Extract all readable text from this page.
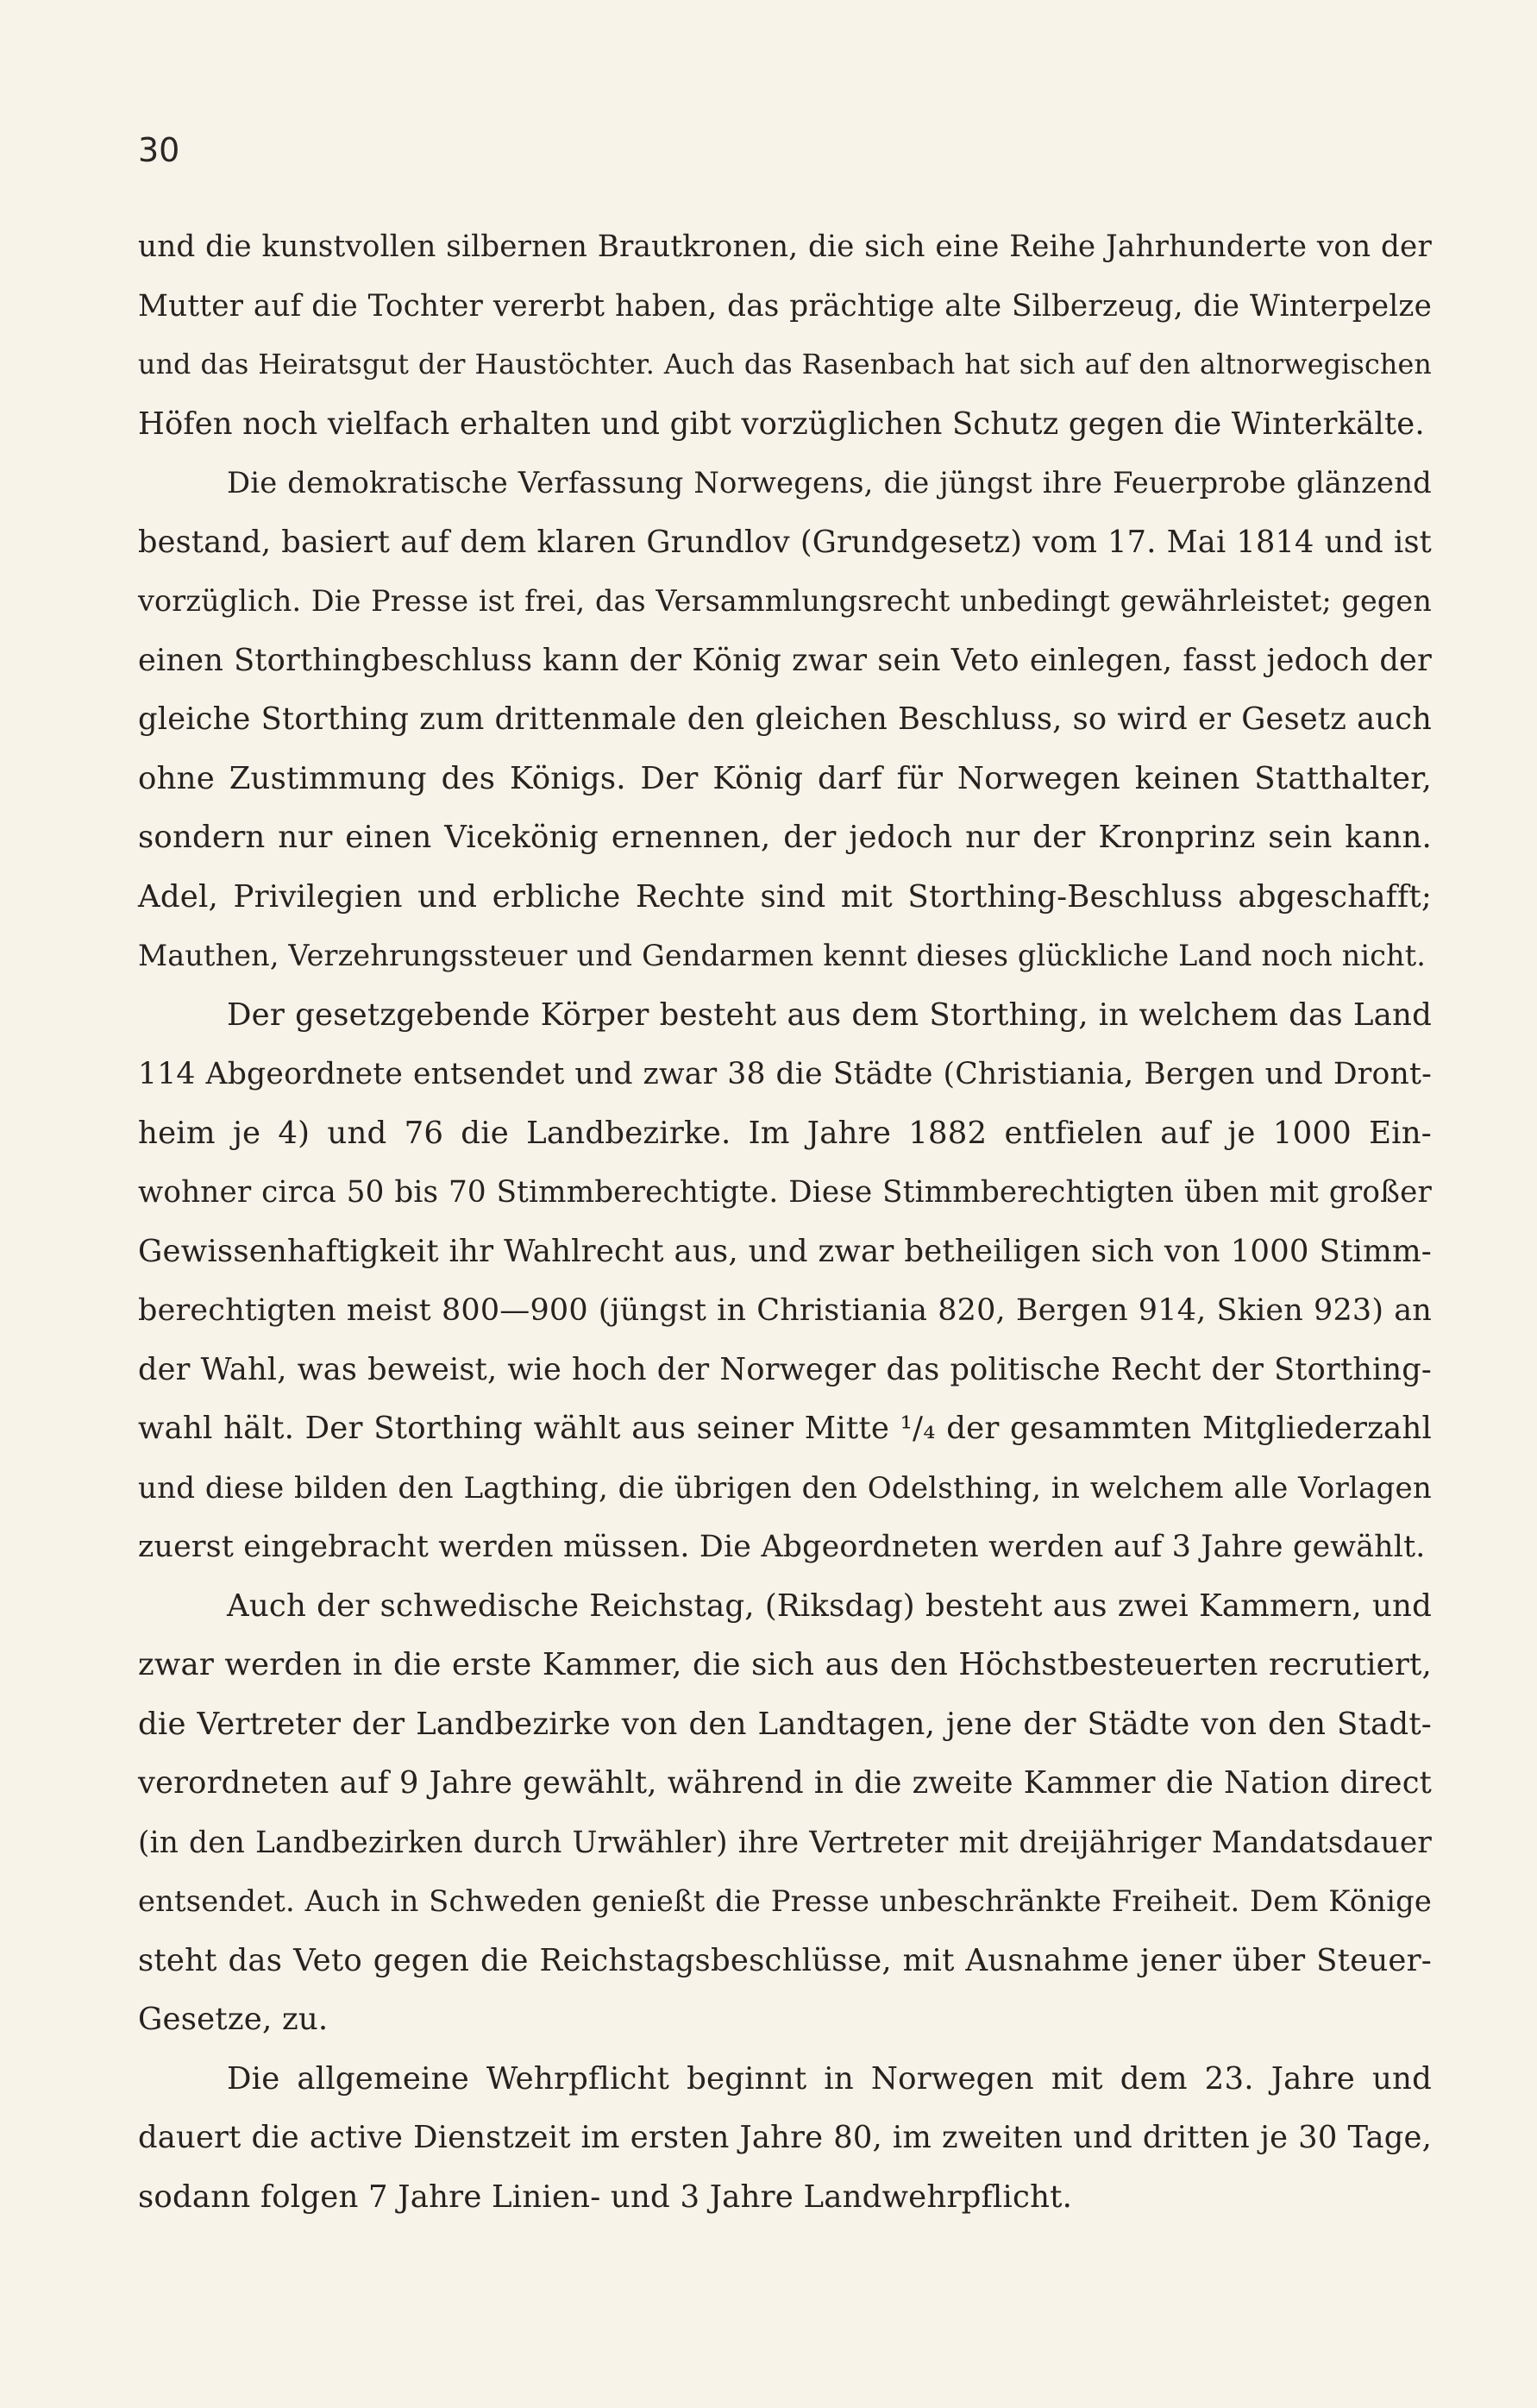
30
und die kunstvollen silbernen Brautkronen, die sich eine Reihe Jahrhunderte von der
Mutter auf die Tochter vererbt haben, das prächtige alte Silberzeug, die Winterpelze
und das Heiratsgut der Haustöchter. Auch das Rasenbach hat sich auf den altnorwegischen
Höfen noch vielfach erhalten und gibt vorzüglichen Schutz gegen die Winterkälte.
Die demokratische Verfassung Norwegens, die jüngst ihre Feuerprobe glänzend
bestand, basiert auf dem klaren Grundlov (Grundgesetz) vom 17. Mai 1814 und ist
vorzüglich. Die Presse ist frei, das Versammlungsrecht unbedingt gewährleistet; gegen
einen Storthingbeschluss kann der König zwar sein Veto einlegen, fasst jedoch der
gleiche Storthing zum drittenmale den gleichen Beschluss, so wird er Gesetz auch
ohne Zustimmung des Königs. Der König darf für Norwegen keinen Statthalter,
sondern nur einen Vicekönig ernennen, der jedoch nur der Kronprinz sein kann.
Adel, Privilegien und erbliche Rechte sind mit Storthing-Beschluss abgeschafft;
Mauthen, Verzehrungssteuer und Gendarmen kennt dieses glückliche Land noch nicht.
Der gesetzgebende Körper besteht aus dem Storthing, in welchem das Land
114 Abgeordnete entsendet und zwar 38 die Städte (Christiania, Bergen und Dront-
heim je 4) und 76 die Landbezirke. Im Jahre 1882 entfielen auf je 1000 Ein-
wohner circa 50 bis 70 Stimmberechtigte. Diese Stimmberechtigten üben mit großer
Gewissenhaftigkeit ihr Wahlrecht aus, und zwar betheiligen sich von 1000 Stimm-
berechtigten meist 800—900 (jüngst in Christiania 820, Bergen 914, Skien 923) an
der Wahl, was beweist, wie hoch der Norweger das politische Recht der Storthing-
wahl hält. Der Storthing wählt aus seiner Mitte ¹/₄ der gesammten Mitgliederzahl
und diese bilden den Lagthing, die übrigen den Odelsthing, in welchem alle Vorlagen
zuerst eingebracht werden müssen. Die Abgeordneten werden auf 3 Jahre gewählt.
Auch der schwedische Reichstag, (Riksdag) besteht aus zwei Kammern, und
zwar werden in die erste Kammer, die sich aus den Höchstbesteuerten recrutiert,
die Vertreter der Landbezirke von den Landtagen, jene der Städte von den Stadt-
verordneten auf 9 Jahre gewählt, während in die zweite Kammer die Nation direct
(in den Landbezirken durch Urwähler) ihre Vertreter mit dreijähriger Mandatsdauer
entsendet. Auch in Schweden genießt die Presse unbeschränkte Freiheit. Dem Könige
steht das Veto gegen die Reichstagsbeschlüsse, mit Ausnahme jener über Steuer-
Gesetze, zu.
Die allgemeine Wehrpflicht beginnt in Norwegen mit dem 23. Jahre und
dauert die active Dienstzeit im ersten Jahre 80, im zweiten und dritten je 30 Tage,
sodann folgen 7 Jahre Linien- und 3 Jahre Landwehrpflicht.
